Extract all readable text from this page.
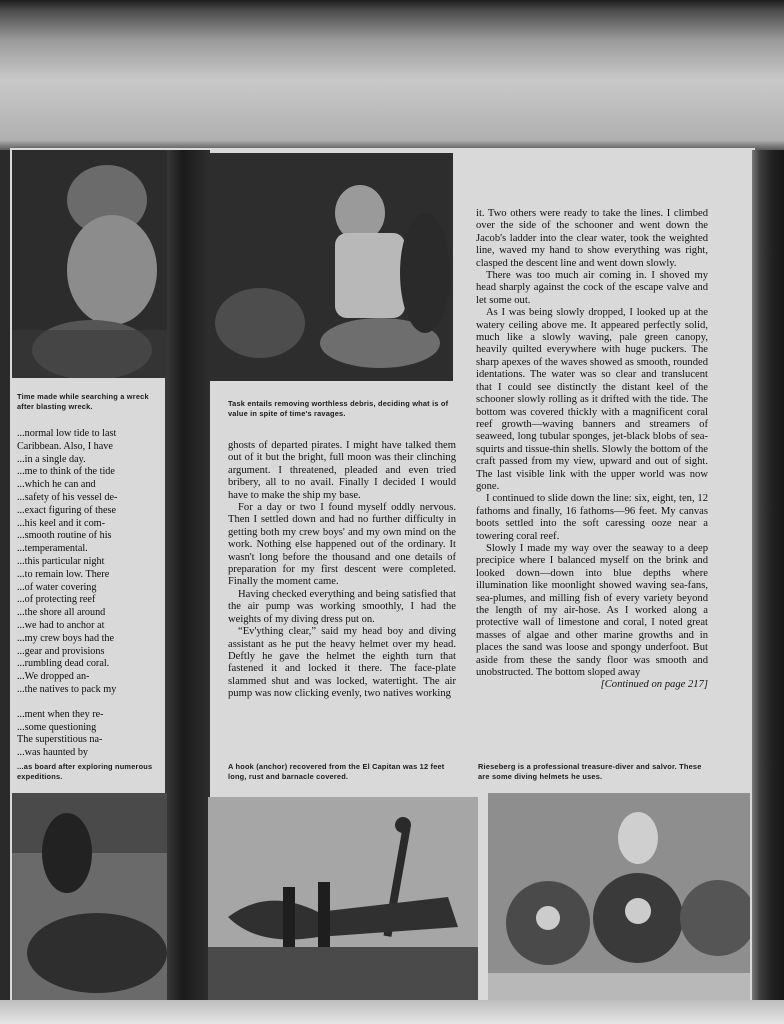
Time made while searching a wreck after blasting wreck.	Task entails removing worthless debris, deciding what is of value in spite of time's ravages.
A hook (anchor) recovered from the El Capitan was 12 feet long, rust and barnacle covered.
Rieseberg is a professional treasure-diver and salvor. These are some diving helmets he uses.
...as board after exploring numerous expeditions.

...normal low tide to last

Caribbean. Also, I have

...in a single day.

...me to think of the tide

...which he can and

...safety of his vessel de-

...exact figuring of these

...his keel and it com-

...smooth routine of his

...temperamental.

...this particular night

...to remain low. There

...of water covering

...of protecting reef

...the shore all around

...we had to anchor at

...my crew boys had the

...gear and provisions

...rumbling dead coral.

...We dropped an-

...the natives to pack my

...ment when they re-

...some questioning

The superstitious na-

...was haunted by

ghosts of departed pirates. I might have talked them out of it but the bright, full moon was their clinching argument. I threatened, pleaded and even tried bribery, all to no avail. Finally I decided I would have to make the ship my base.

For a day or two I found myself oddly nervous. Then I settled down and had no further difficulty in getting both my crew boys' and my own mind on the work. Nothing else happened out of the ordinary. It wasn't long before the thousand and one details of preparation for my first descent were completed. Finally the moment came.

Having checked everything and being satisfied that the air pump was working smoothly, I had the weights of my diving dress put on.

“Ev'ything clear,” said my head boy and diving assistant as he put the heavy helmet over my head. Deftly he gave the helmet the eighth turn that fastened it and locked it there. The face-plate slammed shut and was locked, watertight. The air pump was now clicking evenly, two natives working

it. Two others were ready to take the lines. I climbed over the side of the schooner and went down the Jacob's ladder into the clear water, took the weighted line, waved my hand to show everything was right, clasped the descent line and went down slowly.

There was too much air coming in. I shoved my head sharply against the cock of the escape valve and let some out.

As I was being slowly dropped, I looked up at the watery ceiling above me. It appeared perfectly solid, much like a slowly waving, pale green canopy, heavily quilted everywhere with huge puckers. The sharp apexes of the waves showed as smooth, rounded identations. The water was so clear and translucent that I could see distinctly the distant keel of the schooner slowly rolling as it drifted with the tide. The bottom was covered thickly with a magnificent coral reef growth—waving banners and streamers of seaweed, long tubular sponges, jet-black blobs of sea-squirts and tissue-thin shells. Slowly the bottom of the craft passed from my view, upward and out of sight. The last visible link with the upper world was now gone.

I continued to slide down the line: six, eight, ten, 12 fathoms and finally, 16 fathoms—96 feet. My canvas boots settled into the soft caressing ooze near a towering coral reef.

Slowly I made my way over the seaway to a deep precipice where I balanced myself on the brink and looked down—down into blue depths where illumination like moonlight showed waving sea-fans, sea-plumes, and milling fish of every variety beyond the length of my air-hose. As I worked along a protective wall of limestone and coral, I noted great masses of algae and other marine growths and in places the sand was loose and spongy underfoot. But aside from these the sandy floor was smooth and unobstructed. The bottom sloped away
[Continued on page 217]
